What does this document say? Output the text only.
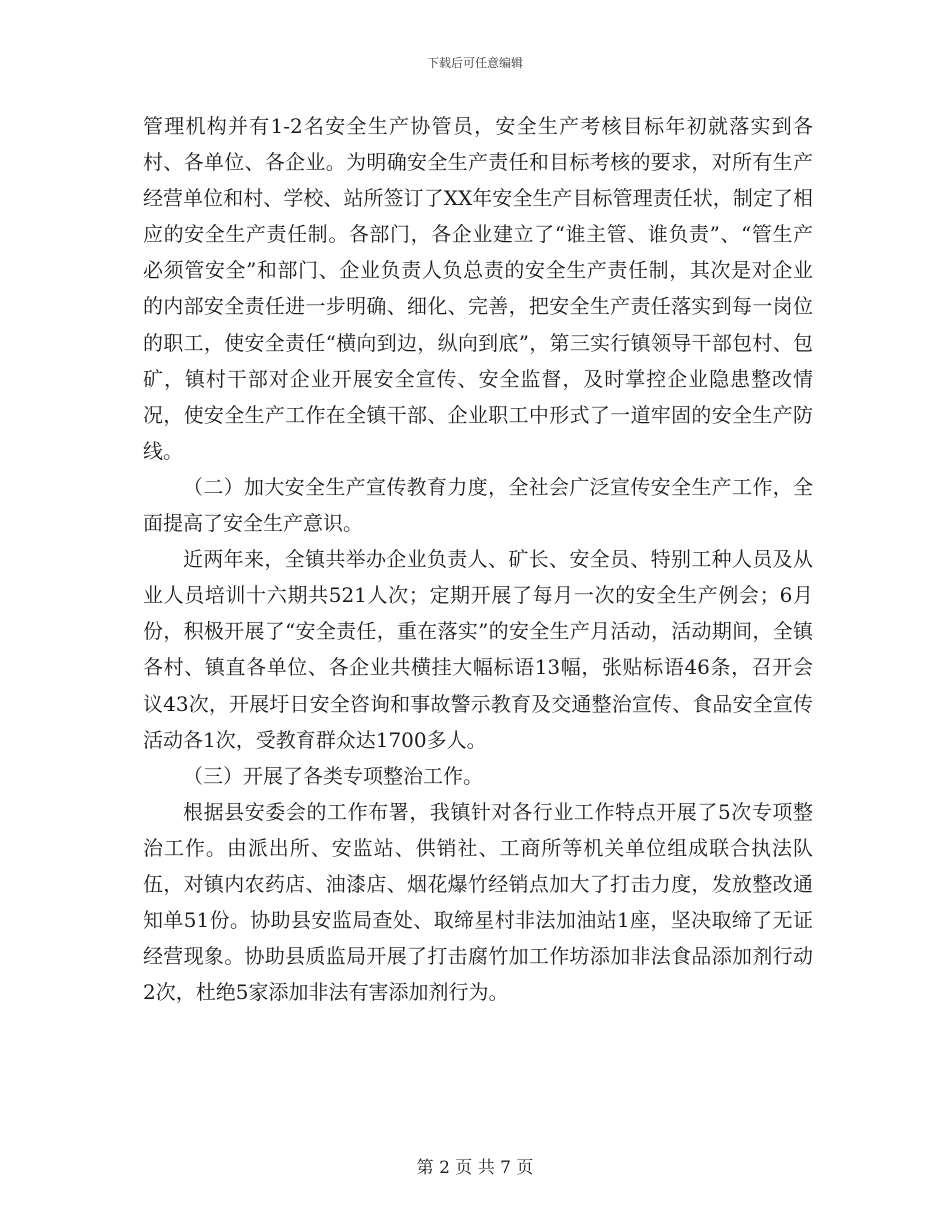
下载后可任意编辑

管理机构并有1-2名安全生产协管员，安全生产考核目标年初就落实到各村、各单位、各企业。为明确安全生产责任和目标考核的要求，对所有生产经营单位和村、学校、站所签订了XX年安全生产目标管理责任状，制定了相应的安全生产责任制。各部门，各企业建立了“谁主管、谁负责”、“管生产必须管安全”和部门、企业负责人负总责的安全生产责任制，其次是对企业的内部安全责任进一步明确、细化、完善，把安全生产责任落实到每一岗位的职工，使安全责任“横向到边，纵向到底”，第三实行镇领导干部包村、包矿，镇村干部对企业开展安全宣传、安全监督，及时掌控企业隐患整改情况，使安全生产工作在全镇干部、企业职工中形式了一道牢固的安全生产防线。

（二）加大安全生产宣传教育力度，全社会广泛宣传安全生产工作，全面提高了安全生产意识。

近两年来，全镇共举办企业负责人、矿长、安全员、特别工种人员及从业人员培训十六期共521人次；定期开展了每月一次的安全生产例会；6月份，积极开展了“安全责任，重在落实”的安全生产月活动，活动期间，全镇各村、镇直各单位、各企业共横挂大幅标语13幅，张贴标语46条，召开会议43次，开展圩日安全咨询和事故警示教育及交通整治宣传、食品安全宣传活动各1次，受教育群众达1700多人。

（三）开展了各类专项整治工作。

根据县安委会的工作布署，我镇针对各行业工作特点开展了5次专项整治工作。由派出所、安监站、供销社、工商所等机关单位组成联合执法队伍，对镇内农药店、油漆店、烟花爆竹经销点加大了打击力度，发放整改通知单51份。协助县安监局查处、取缔星村非法加油站1座，坚决取缔了无证经营现象。协助县质监局开展了打击腐竹加工作坊添加非法食品添加剂行动2次，杜绝5家添加非法有害添加剂行为。

第 2 页 共 7 页
